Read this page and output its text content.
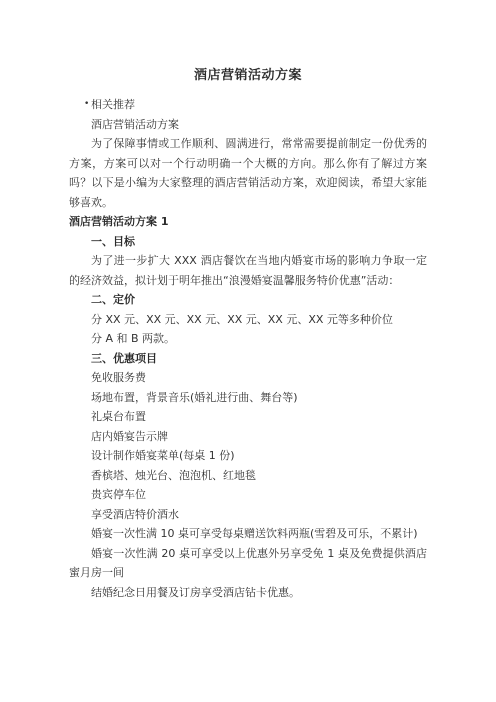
酒店营销活动方案

• 相关推荐

酒店营销活动方案

为了保障事情或工作顺利、圆满进行，常常需要提前制定一份优秀的方案，方案可以对一个行动明确一个大概的方向。那么你有了解过方案吗？以下是小编为大家整理的酒店营销活动方案，欢迎阅读，希望大家能够喜欢。

酒店营销活动方案 1

一、目标

为了进一步扩大 XXX 酒店餐饮在当地内婚宴市场的影响力争取一定的经济效益，拟计划于明年推出“浪漫婚宴温馨服务特价优惠”活动：

二、定价

分 XX 元、XX 元、XX 元、XX 元、XX 元、XX 元等多种价位

分 A 和 B 两款。

三、优惠项目

免收服务费

场地布置，背景音乐(婚礼进行曲、舞台等)

礼桌台布置

店内婚宴告示牌

设计制作婚宴菜单(每桌 1 份)

香槟塔、烛光台、泡泡机、红地毯

贵宾停车位

享受酒店特价酒水

婚宴一次性满 10 桌可享受每桌赠送饮料两瓶(雪碧及可乐，不累计)

婚宴一次性满 20 桌可享受以上优惠外另享受免 1 桌及免费提供酒店蜜月房一间

结婚纪念日用餐及订房享受酒店钻卡优惠。
